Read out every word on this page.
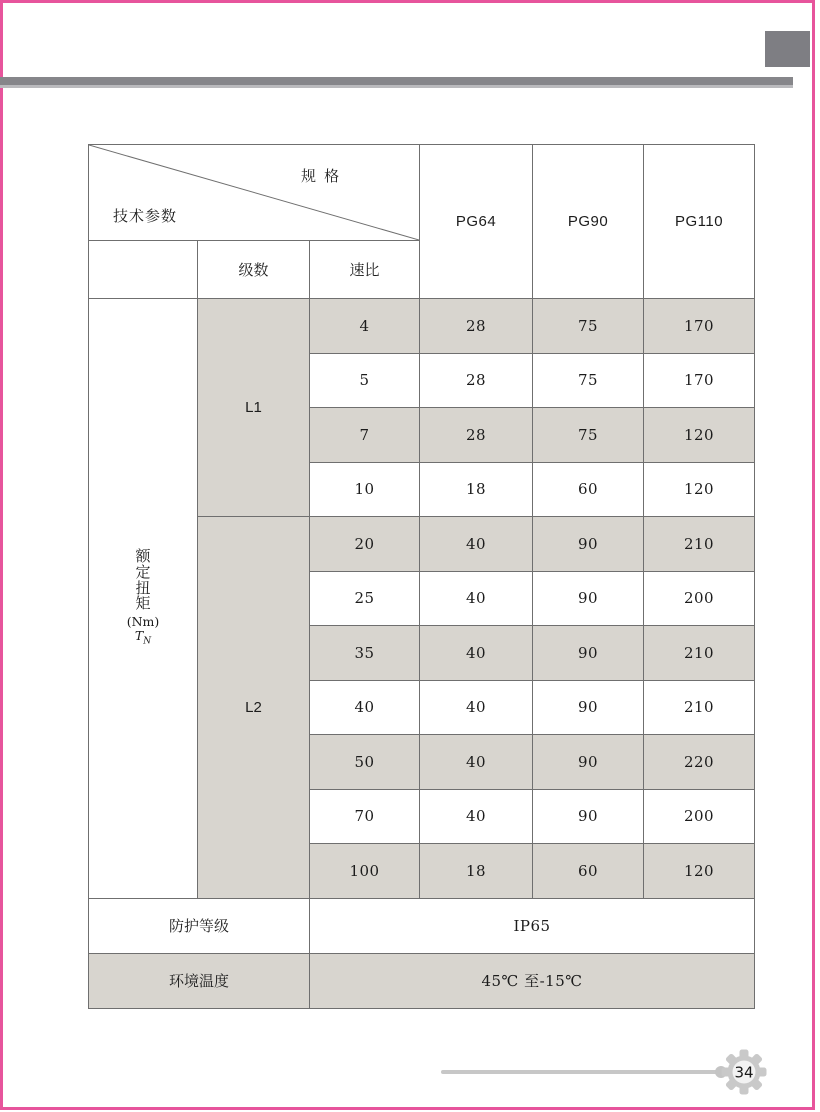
规 格
技术参数			PG64	PG90	PG110
	级数	速比			

额
定
扭
矩
(Nm)
$T_N$
	L1	4	28	75	170
		5	28	75	170
		7	28	75	120
		10	18	60	120
	L2	20	40	90	210
		25	40	90	200
		35	40	90	210
		40	40	90	210
		50	40	90	220
		70	40	90	200
		100	18	60	120
防护等级		IP65			
环境温度		45℃ 至-15℃			
34
